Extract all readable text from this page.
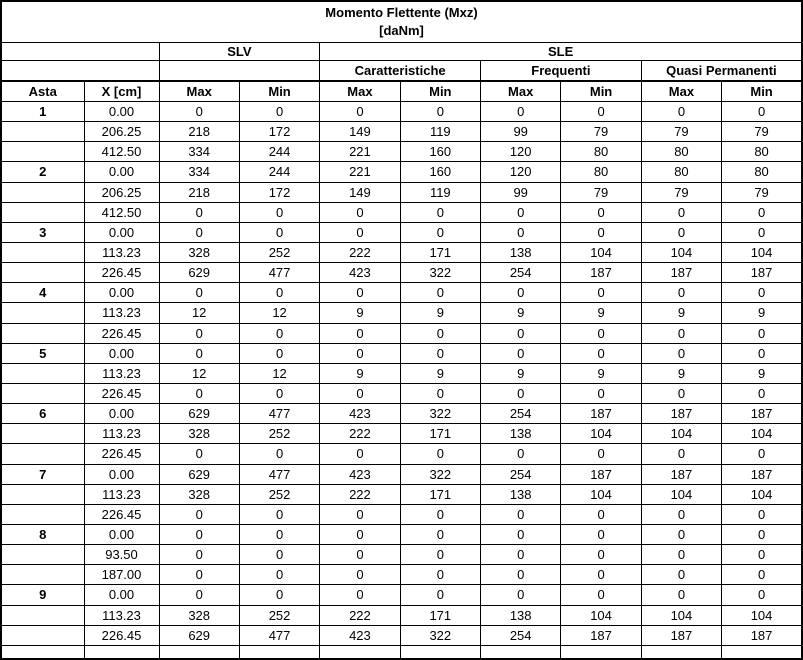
Momento Flettente (Mxz)
[daNm]									

		SLV		SLE					
				Caratteristiche		Frequenti		Quasi Permanenti	
Asta	X [cm]	Max	Min	Max	Min	Max	Min	Max	Min
1	0.00	0	0	0	0	0	0	0	0
	206.25	218	172	149	119	99	79	79	79
	412.50	334	244	221	160	120	80	80	80
2	0.00	334	244	221	160	120	80	80	80
	206.25	218	172	149	119	99	79	79	79
	412.50	0	0	0	0	0	0	0	0
3	0.00	0	0	0	0	0	0	0	0
	113.23	328	252	222	171	138	104	104	104
	226.45	629	477	423	322	254	187	187	187
4	0.00	0	0	0	0	0	0	0	0
	113.23	12	12	9	9	9	9	9	9
	226.45	0	0	0	0	0	0	0	0
5	0.00	0	0	0	0	0	0	0	0
	113.23	12	12	9	9	9	9	9	9
	226.45	0	0	0	0	0	0	0	0
6	0.00	629	477	423	322	254	187	187	187
	113.23	328	252	222	171	138	104	104	104
	226.45	0	0	0	0	0	0	0	0
7	0.00	629	477	423	322	254	187	187	187
	113.23	328	252	222	171	138	104	104	104
	226.45	0	0	0	0	0	0	0	0
8	0.00	0	0	0	0	0	0	0	0
	93.50	0	0	0	0	0	0	0	0
	187.00	0	0	0	0	0	0	0	0
9	0.00	0	0	0	0	0	0	0	0
	113.23	328	252	222	171	138	104	104	104
	226.45	629	477	423	322	254	187	187	187
